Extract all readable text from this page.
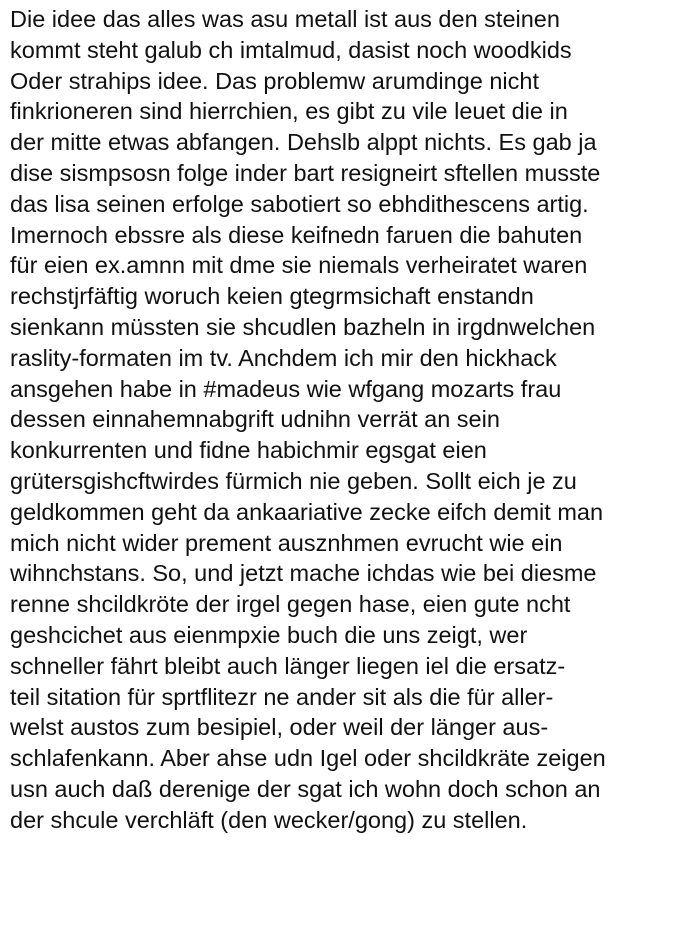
Die idee das alles was asu metall ist aus den steinen
kommt steht galub ch imtalmud, dasist noch woodkids
Oder strahips idee. Das problemw arumdinge nicht
finkrioneren sind hierrchien, es gibt zu vile leuet die in
der mitte etwas abfangen. Dehslb alppt nichts. Es gab ja
dise sismpsosn folge inder bart resigneirt sftellen musste
das lisa seinen erfolge sabotiert so ebhdithescens artig.
Imernoch ebssre als diese keifnedn faruen die bahuten
für eien ex.amnn mit dme sie niemals verheiratet waren
rechstjrfäftig woruch keien gtegrmsichaft enstandn
sienkann müssten sie shcudlen bazheln in irgdnwelchen
raslity-formaten im tv. Anchdem ich mir den hickhack
ansgehen habe in #madeus wie wfgang mozarts frau
dessen einnahemnabgrift udnihn verrät an sein
konkurrenten und fidne habichmir egsgat eien
grütersgishcftwirdes fürmich nie geben. Sollt eich je zu
geldkommen geht da ankaariative zecke eifch demit man
mich nicht wider prement ausznhmen evrucht wie ein
wihnchstans. So, und jetzt mache ichdas wie bei diesme
renne shcildkröte der irgel gegen hase, eien gute ncht
geshcichet aus eienmpxie buch die uns zeigt, wer
schneller fährt bleibt auch länger liegen iel die ersatz-
teil sitation für sprtflitezr ne ander sit als die für aller-
welst austos zum besipiel, oder weil der länger aus-
schlafenkann. Aber ahse udn Igel oder shcildkräte zeigen
usn auch daß derenige der sgat ich wohn doch schon an
der shcule verchläft (den wecker/gong) zu stellen.
